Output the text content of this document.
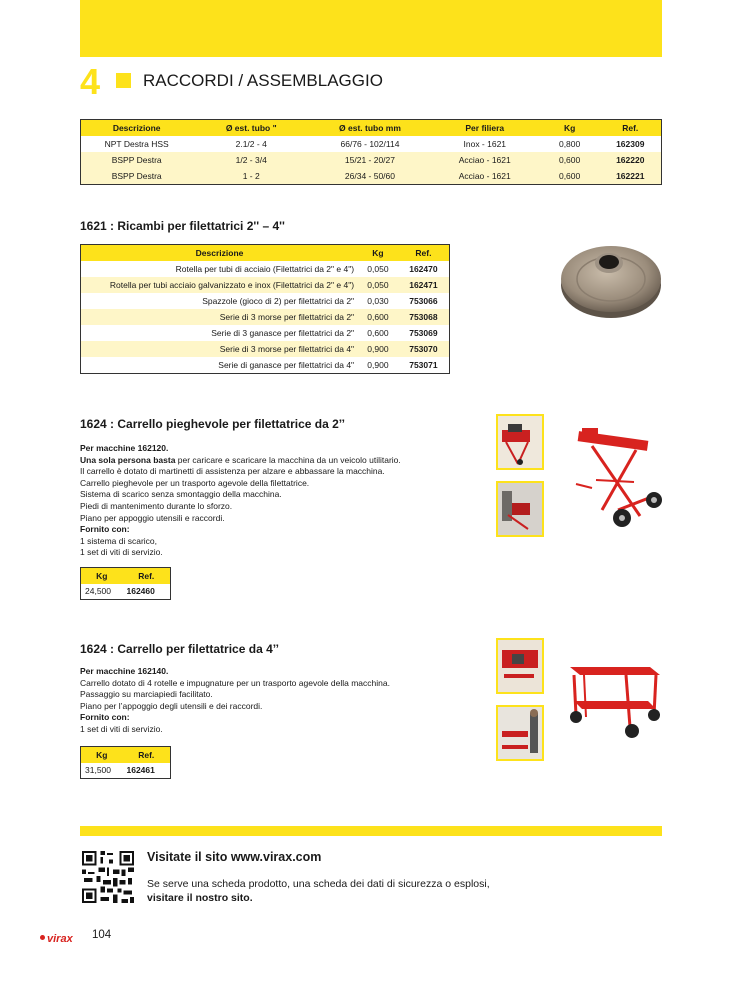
4	RACCORDI / ASSEMBLAGGIO
Descrizione	Ø est. tubo "	Ø est. tubo mm	Per filiera	Kg	Ref.
NPT Destra HSS	2.1/2 - 4	66/76 - 102/114	Inox - 1621	0,800	162309
BSPP Destra	1/2 - 3/4	15/21 - 20/27	Acciao - 1621	0,600	162220
BSPP Destra	1 - 2	26/34 - 50/60	Acciao - 1621	0,600	162221
1621 : Ricambi per filettatrici 2'' – 4''
Descrizione	Kg	Ref.
Rotella per tubi di acciaio (Filettatrici da 2" e 4")	0,050	162470
Rotella per tubi acciaio galvanizzato e inox (Filettatrici da 2" e 4")	0,050	162471
Spazzole (gioco di 2) per filettatrici da 2"	0,030	753066
Serie di 3 morse per filettatrici da 2"	0,600	753068
Serie di 3 ganasce per filettatrici da 2"	0,600	753069
Serie di 3 morse per filettatrici da 4"	0,900	753070
Serie di ganasce per filettatrici da 4"	0,900	753071
1624 : Carrello pieghevole per filettatrice da 2’’
Per macchine 162120.
Una sola persona basta per caricare e scaricare la macchina da un veicolo utilitario.
Il carrello è dotato di martinetti di assistenza per alzare e abbassare la macchina.
Carrello pieghevole per un trasporto agevole della filettatrice.
Sistema di scarico senza smontaggio della macchina.
Piedi di mantenimento durante lo sforzo.
Piano per appoggio utensili e raccordi.
Fornito con:
1 sistema di scarico,
1 set di viti di servizio.
Kg	Ref.
24,500	162460
1624 : Carrello per filettatrice da 4’’
Per macchine 162140.
Carrello dotato di 4 rotelle e impugnature per un trasporto agevole della macchina.
Passaggio su marciapiedi facilitato.
Piano per l’appoggio degli utensili e dei raccordi.
Fornito con:
1 set di viti di servizio.
Kg	Ref.
31,500	162461
Visitate il sito www.virax.com
Se serve una scheda prodotto, una scheda dei dati di sicurezza o esplosi,
visitare il nostro sito.
virax 104
